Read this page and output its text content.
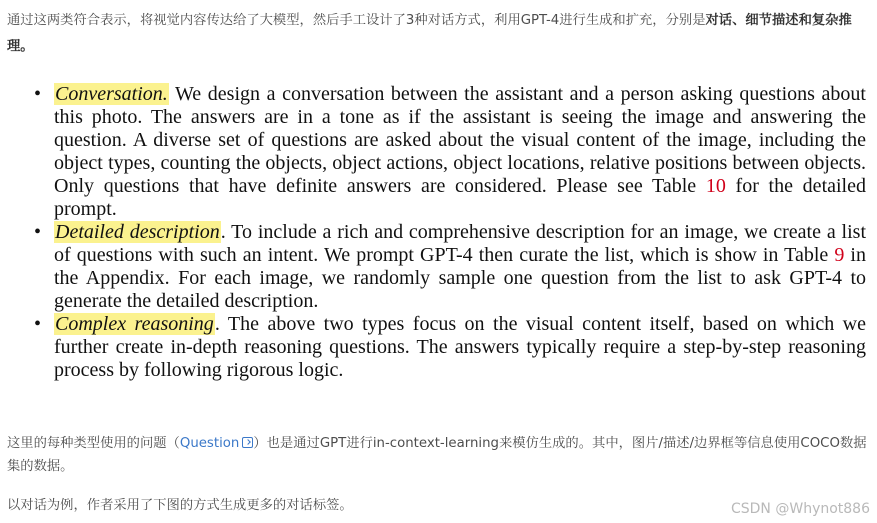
通过这两类符合表示，将视觉内容传达给了大模型，然后手工设计了3种对话方式，利用GPT-4进行生成和扩充，分别是对话、细节描述和复杂推理。
• Conversation. We design a conversation between the assistant and a person asking questions about this photo. The answers are in a tone as if the assistant is seeing the image and answering the question. A diverse set of questions are asked about the visual content of the image, including the object types, counting the objects, object actions, object locations, relative positions between objects. Only questions that have definite answers are considered. Please see Table 10 for the detailed prompt.
• Detailed description. To include a rich and comprehensive description for an image, we create a list of questions with such an intent. We prompt GPT-4 then curate the list, which is show in Table 9 in the Appendix. For each image, we randomly sample one question from the list to ask GPT-4 to generate the detailed description.
• Complex reasoning. The above two types focus on the visual content itself, based on which we further create in-depth reasoning questions. The answers typically require a step-by-step reasoning process by following rigorous logic.
这里的每种类型使用的问题（Question ）也是通过GPT进行in-context-learning来模仿生成的。其中，图片/描述/边界框等信息使用COCO数据集的数据。
以对话为例，作者采用了下图的方式生成更多的对话标签。	CSDN @Whynot886
